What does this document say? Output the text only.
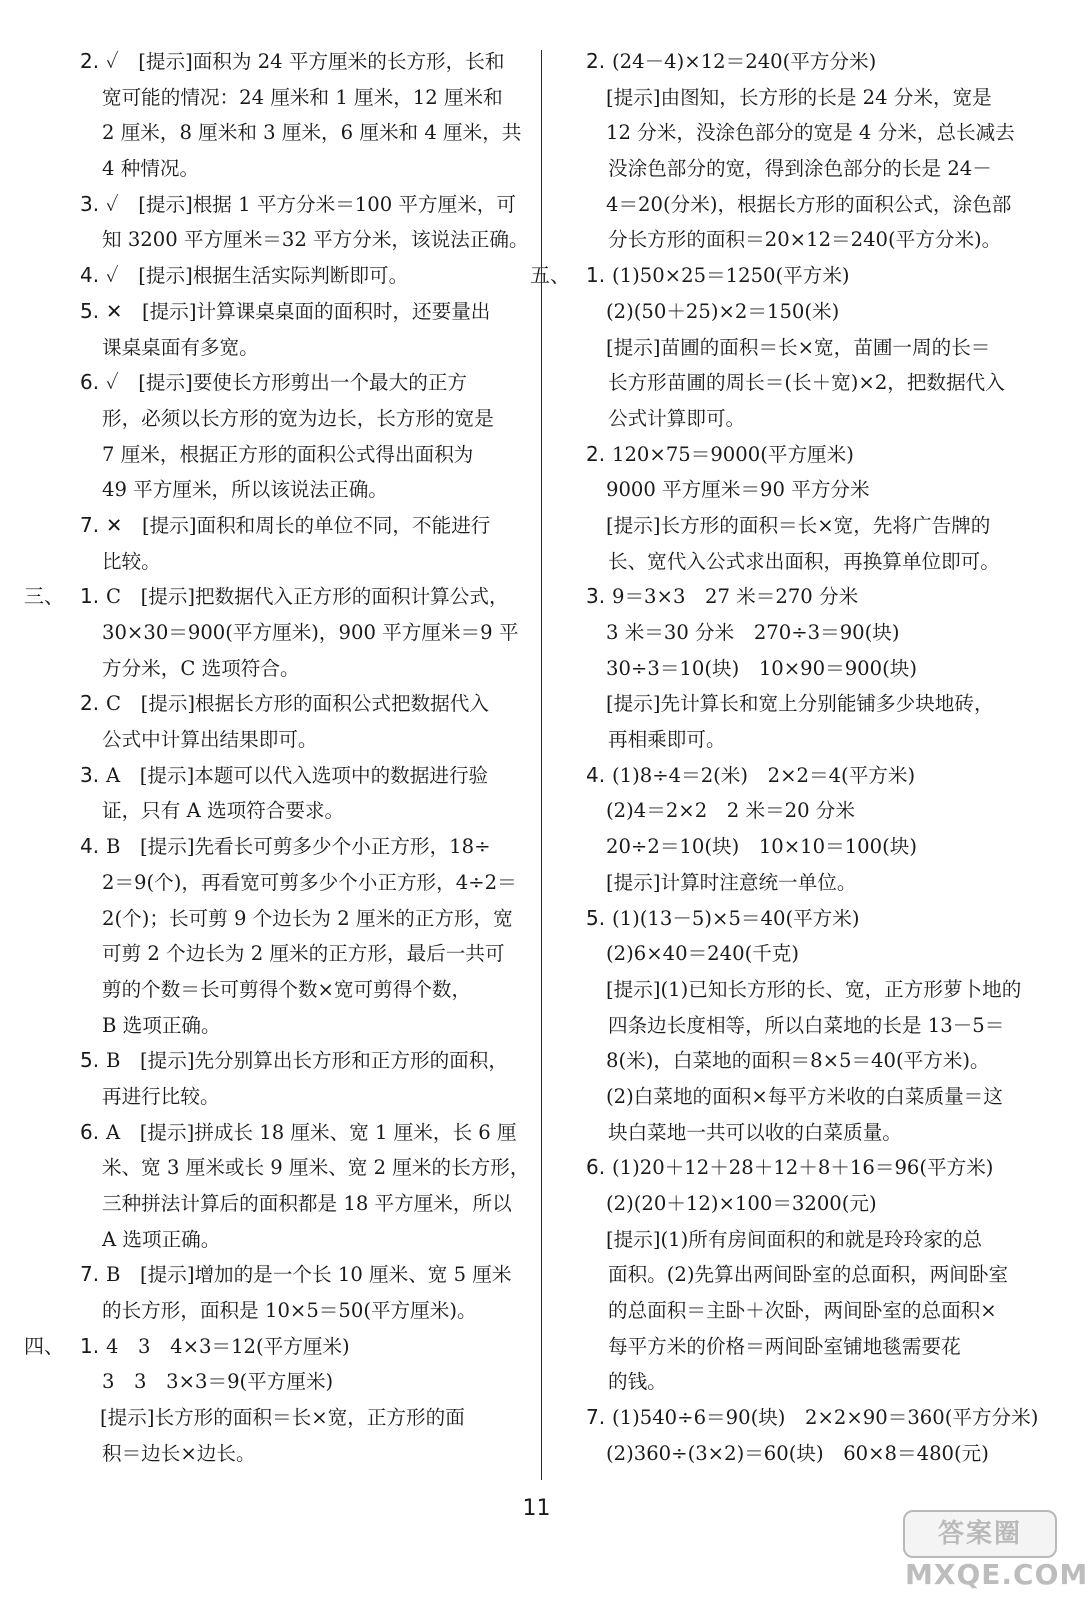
2. ✓　[提示]面积为 24 平方厘米的长方形，长和
宽可能的情况：24 厘米和 1 厘米，12 厘米和
2 厘米，8 厘米和 3 厘米，6 厘米和 4 厘米，共
4 种情况。
3. ✓　[提示]根据 1 平方分米＝100 平方厘米，可
知 3200 平方厘米＝32 平方分米，该说法正确。
4. ✓　[提示]根据生活实际判断即可。
5. ✕　[提示]计算课桌桌面的面积时，还要量出
课桌桌面有多宽。
6. ✓　[提示]要使长方形剪出一个最大的正方
形，必须以长方形的宽为边长，长方形的宽是
7 厘米，根据正方形的面积公式得出面积为
49 平方厘米，所以该说法正确。
7. ✕　[提示]面积和周长的单位不同，不能进行
比较。
三、 1. C　[提示]把数据代入正方形的面积计算公式，
30×30＝900(平方厘米)，900 平方厘米＝9 平
方分米，C 选项符合。
2. C　[提示]根据长方形的面积公式把数据代入
公式中计算出结果即可。
3. A　[提示]本题可以代入选项中的数据进行验
证，只有 A 选项符合要求。
4. B　[提示]先看长可剪多少个小正方形，18÷
2＝9(个)，再看宽可剪多少个小正方形，4÷2＝
2(个)；长可剪 9 个边长为 2 厘米的正方形，宽
可剪 2 个边长为 2 厘米的正方形，最后一共可
剪的个数＝长可剪得个数×宽可剪得个数，
B 选项正确。
5. B　[提示]先分别算出长方形和正方形的面积，
再进行比较。
6. A　[提示]拼成长 18 厘米、宽 1 厘米，长 6 厘
米、宽 3 厘米或长 9 厘米、宽 2 厘米的长方形，
三种拼法计算后的面积都是 18 平方厘米，所以
A 选项正确。
7. B　[提示]增加的是一个长 10 厘米、宽 5 厘米
的长方形，面积是 10×5＝50(平方厘米)。
四、 1. 4　3　4×3＝12(平方厘米)
3　3　3×3＝9(平方厘米)
[提示]长方形的面积＝长×宽，正方形的面
积＝边长×边长。
2. (24－4)×12＝240(平方分米)
[提示]由图知，长方形的长是 24 分米，宽是
12 分米，没涂色部分的宽是 4 分米，总长减去
没涂色部分的宽，得到涂色部分的长是 24－
4＝20(分米)，根据长方形的面积公式，涂色部
分长方形的面积＝20×12＝240(平方分米)。
五、 1. (1)50×25＝1250(平方米)
(2)(50＋25)×2＝150(米)
[提示]苗圃的面积＝长×宽，苗圃一周的长＝
长方形苗圃的周长＝(长＋宽)×2，把数据代入
公式计算即可。
2. 120×75＝9000(平方厘米)
9000 平方厘米＝90 平方分米
[提示]长方形的面积＝长×宽，先将广告牌的
长、宽代入公式求出面积，再换算单位即可。
3. 9＝3×3　27 米＝270 分米
3 米＝30 分米　270÷3＝90(块)
30÷3＝10(块)　10×90＝900(块)
[提示]先计算长和宽上分别能铺多少块地砖，
再相乘即可。
4. (1)8÷4＝2(米)　2×2＝4(平方米)
(2)4＝2×2　2 米＝20 分米
20÷2＝10(块)　10×10＝100(块)
[提示]计算时注意统一单位。
5. (1)(13－5)×5＝40(平方米)
(2)6×40＝240(千克)
[提示](1)已知长方形的长、宽，正方形萝卜地的
四条边长度相等，所以白菜地的长是 13－5＝
8(米)，白菜地的面积＝8×5＝40(平方米)。
(2)白菜地的面积×每平方米收的白菜质量＝这
块白菜地一共可以收的白菜质量。
6. (1)20＋12＋28＋12＋8＋16＝96(平方米)
(2)(20＋12)×100＝3200(元)
[提示](1)所有房间面积的和就是玲玲家的总
面积。(2)先算出两间卧室的总面积，两间卧室
的总面积＝主卧＋次卧，两间卧室的总面积×
每平方米的价格＝两间卧室铺地毯需要花
的钱。
7. (1)540÷6＝90(块)　2×2×90＝360(平方分米)
(2)360÷(3×2)＝60(块)　60×8＝480(元)
11
答案圈
MXQE.COM
